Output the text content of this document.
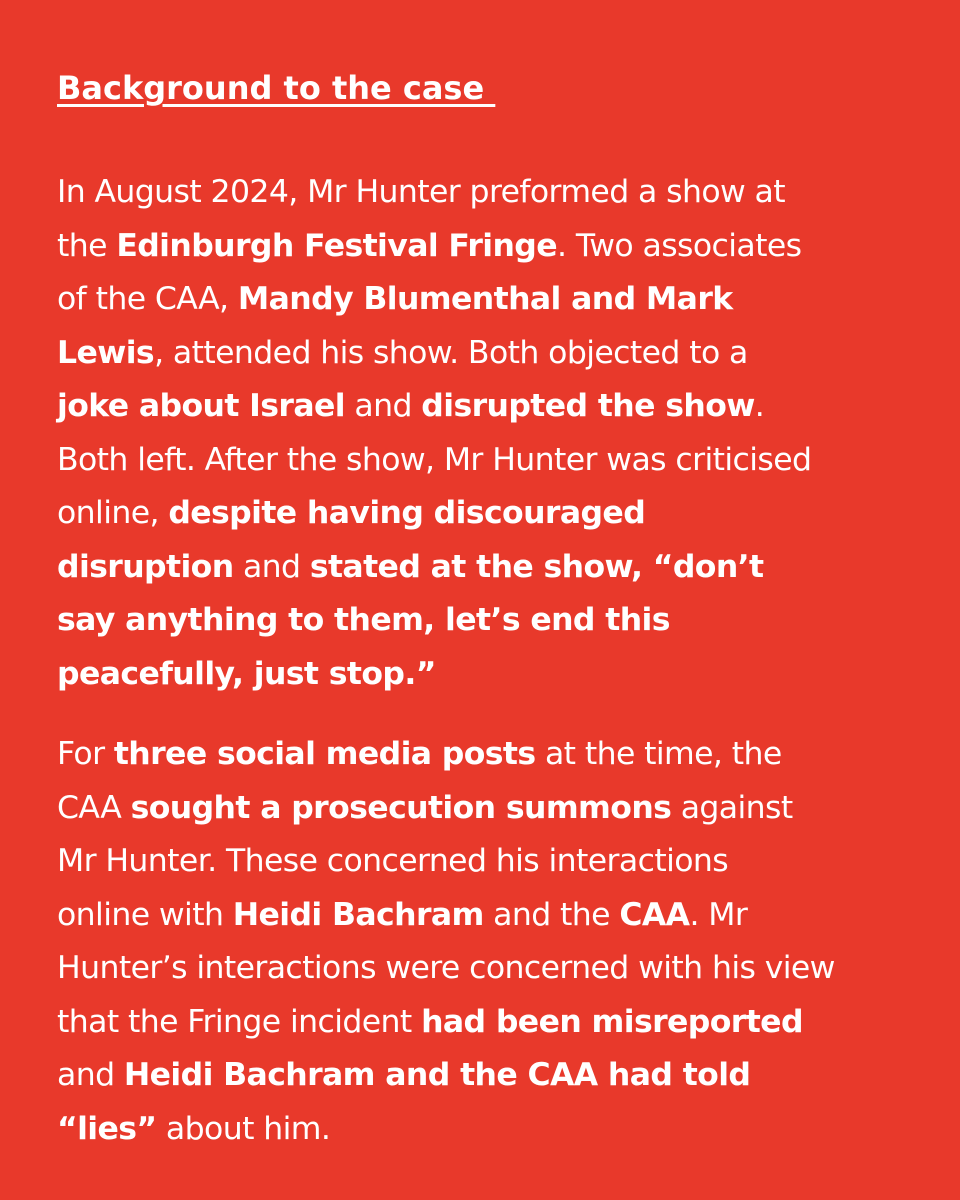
Background to the case

In August 2024, Mr Hunter preformed a show at
the Edinburgh Festival Fringe. Two associates
of the CAA, Mandy Blumenthal and Mark
Lewis, attended his show. Both objected to a
joke about Israel and disrupted the show.
Both left. After the show, Mr Hunter was criticised
online, despite having discouraged
disruption and stated at the show, “don’t
say anything to them, let’s end this
peacefully, just stop.”

For three social media posts at the time, the
CAA sought a prosecution summons against
Mr Hunter. These concerned his interactions
online with Heidi Bachram and the CAA. Mr
Hunter’s interactions were concerned with his view
that the Fringe incident had been misreported
and Heidi Bachram and the CAA had told
“lies” about him.
